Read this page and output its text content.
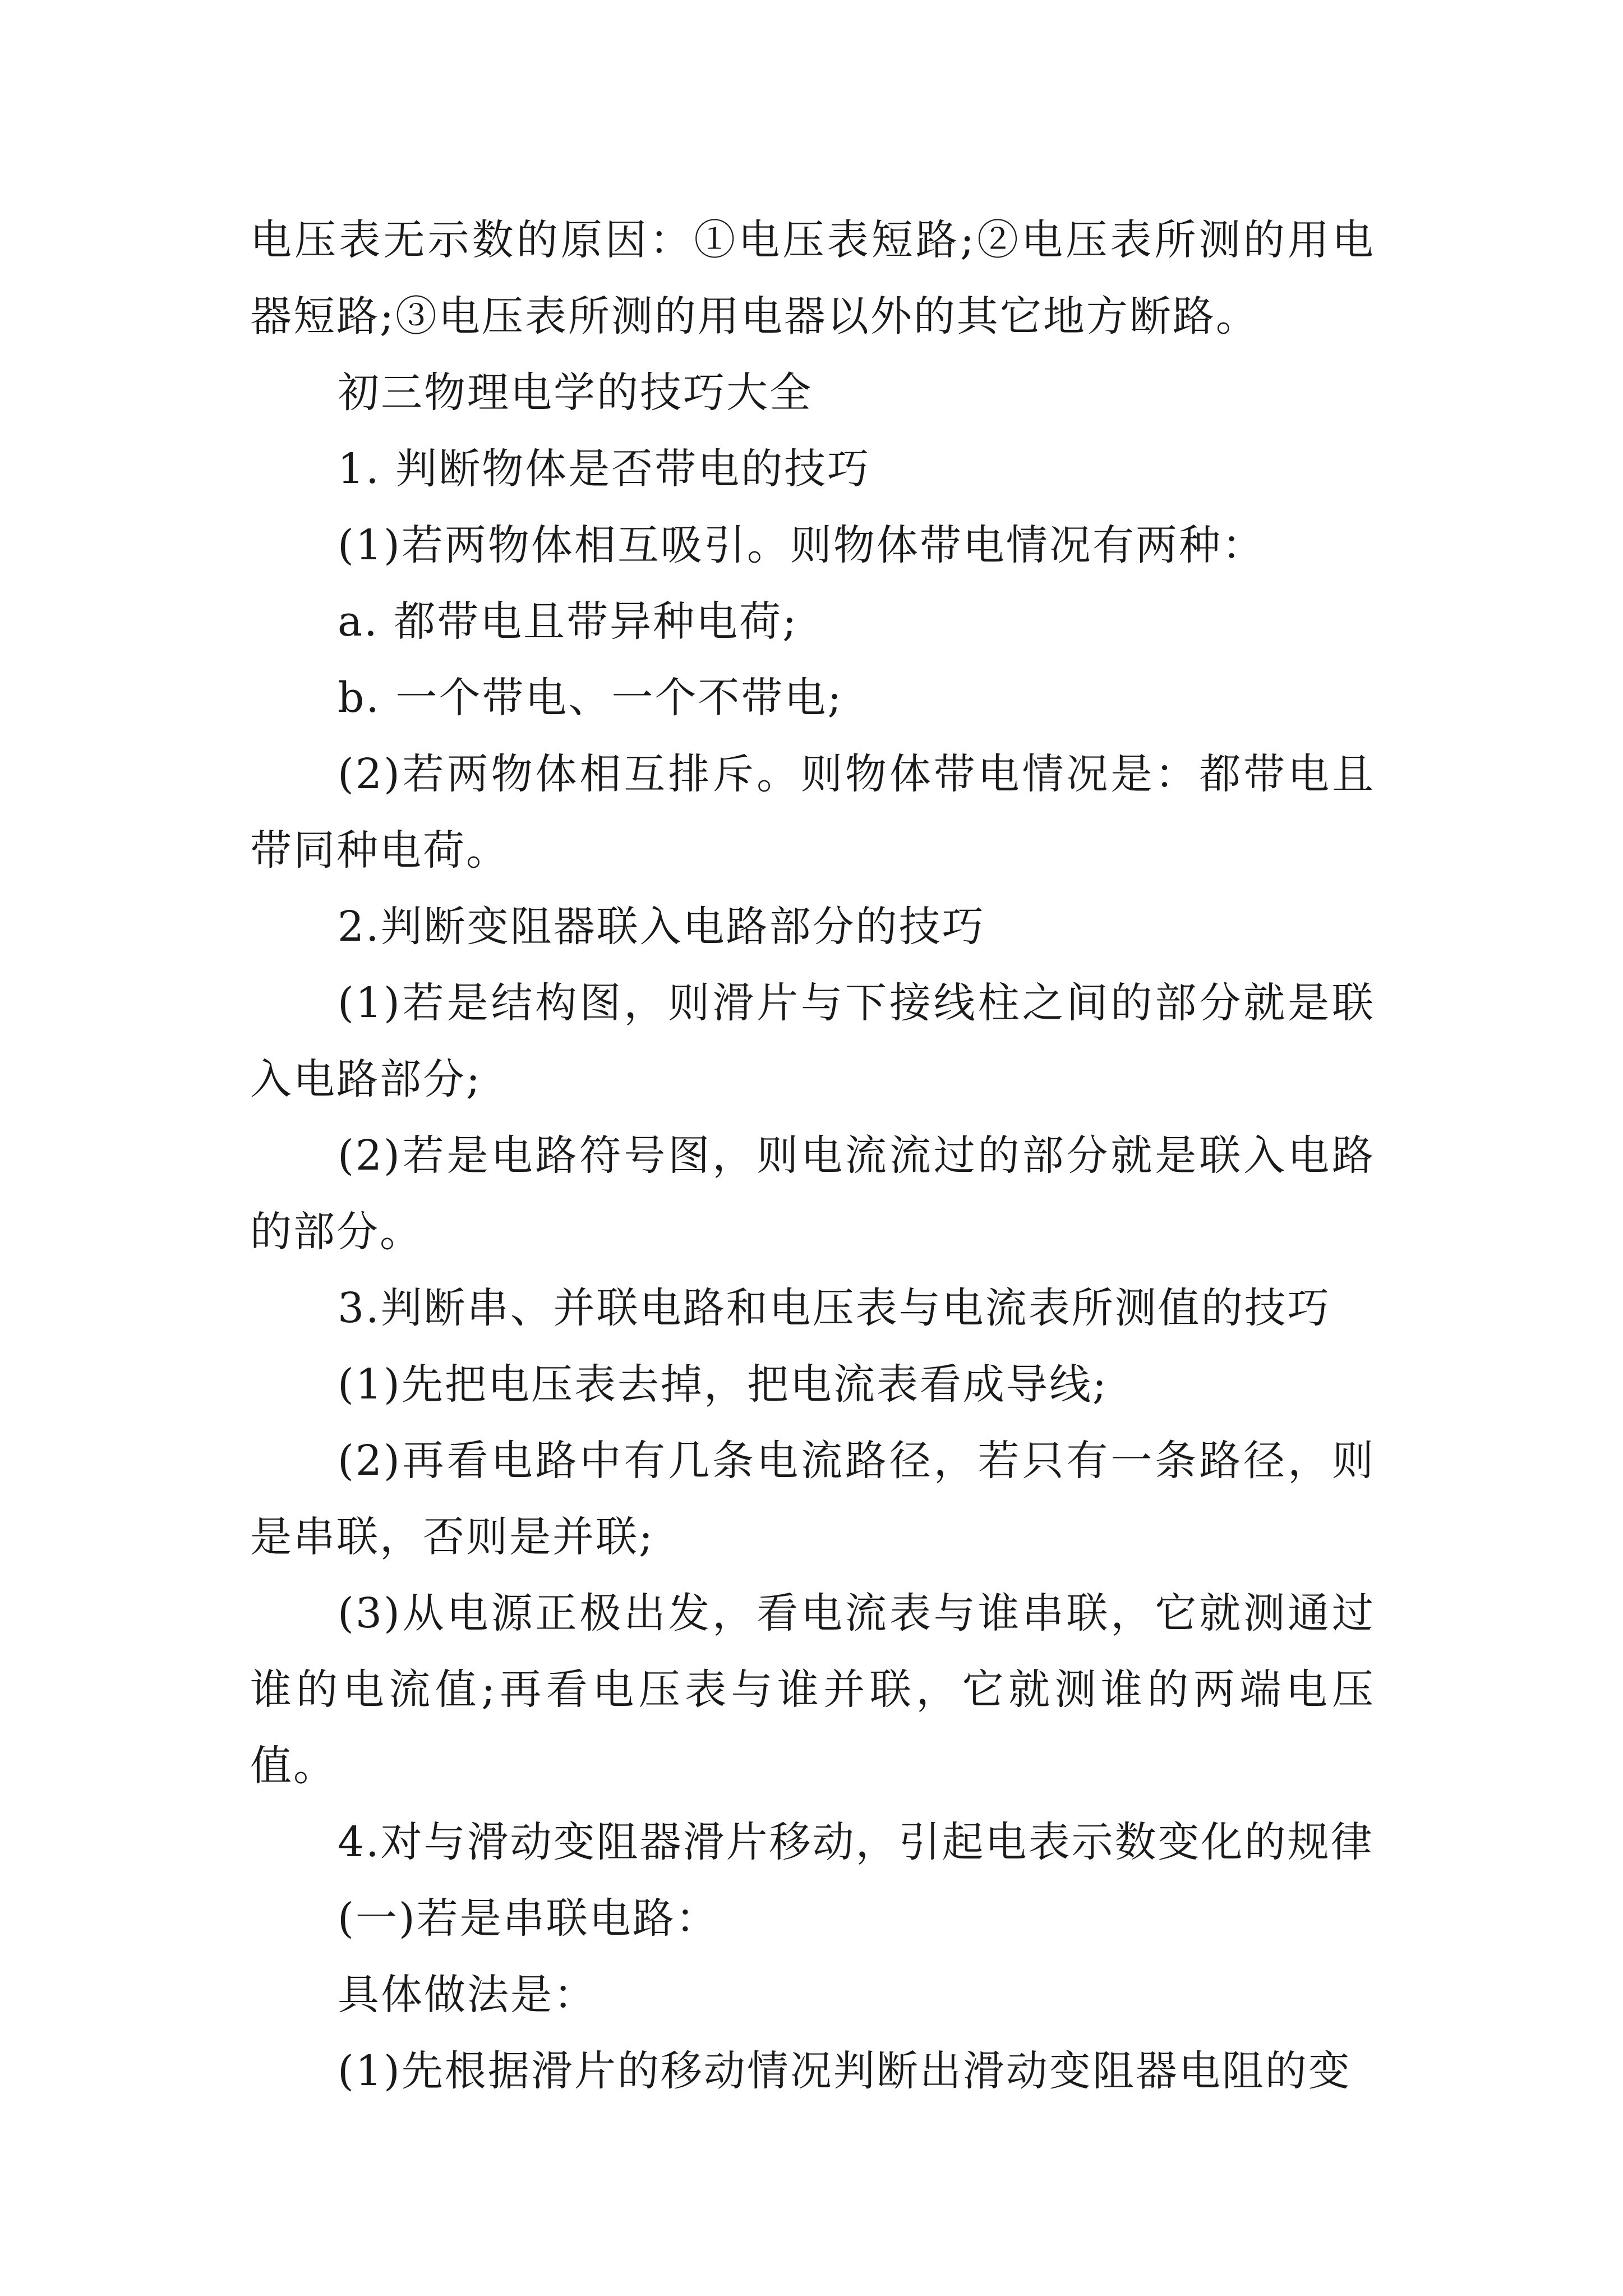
电压表无示数的原因：①电压表短路;②电压表所测的用电器短路;③电压表所测的用电器以外的其它地方断路。

初三物理电学的技巧大全

1. 判断物体是否带电的技巧

(1)若两物体相互吸引。则物体带电情况有两种：

a. 都带电且带异种电荷;

b. 一个带电、一个不带电;

(2)若两物体相互排斥。则物体带电情况是：都带电且带同种电荷。

2.判断变阻器联入电路部分的技巧

(1)若是结构图，则滑片与下接线柱之间的部分就是联入电路部分;

(2)若是电路符号图，则电流流过的部分就是联入电路的部分。

3.判断串、并联电路和电压表与电流表所测值的技巧

(1)先把电压表去掉，把电流表看成导线;

(2)再看电路中有几条电流路径，若只有一条路径，则是串联，否则是并联;

(3)从电源正极出发，看电流表与谁串联，它就测通过谁的电流值;再看电压表与谁并联，它就测谁的两端电压值。

4.对与滑动变阻器滑片移动，引起电表示数变化的规律

(一)若是串联电路：

具体做法是：

(1)先根据滑片的移动情况判断出滑动变阻器电阻的变
